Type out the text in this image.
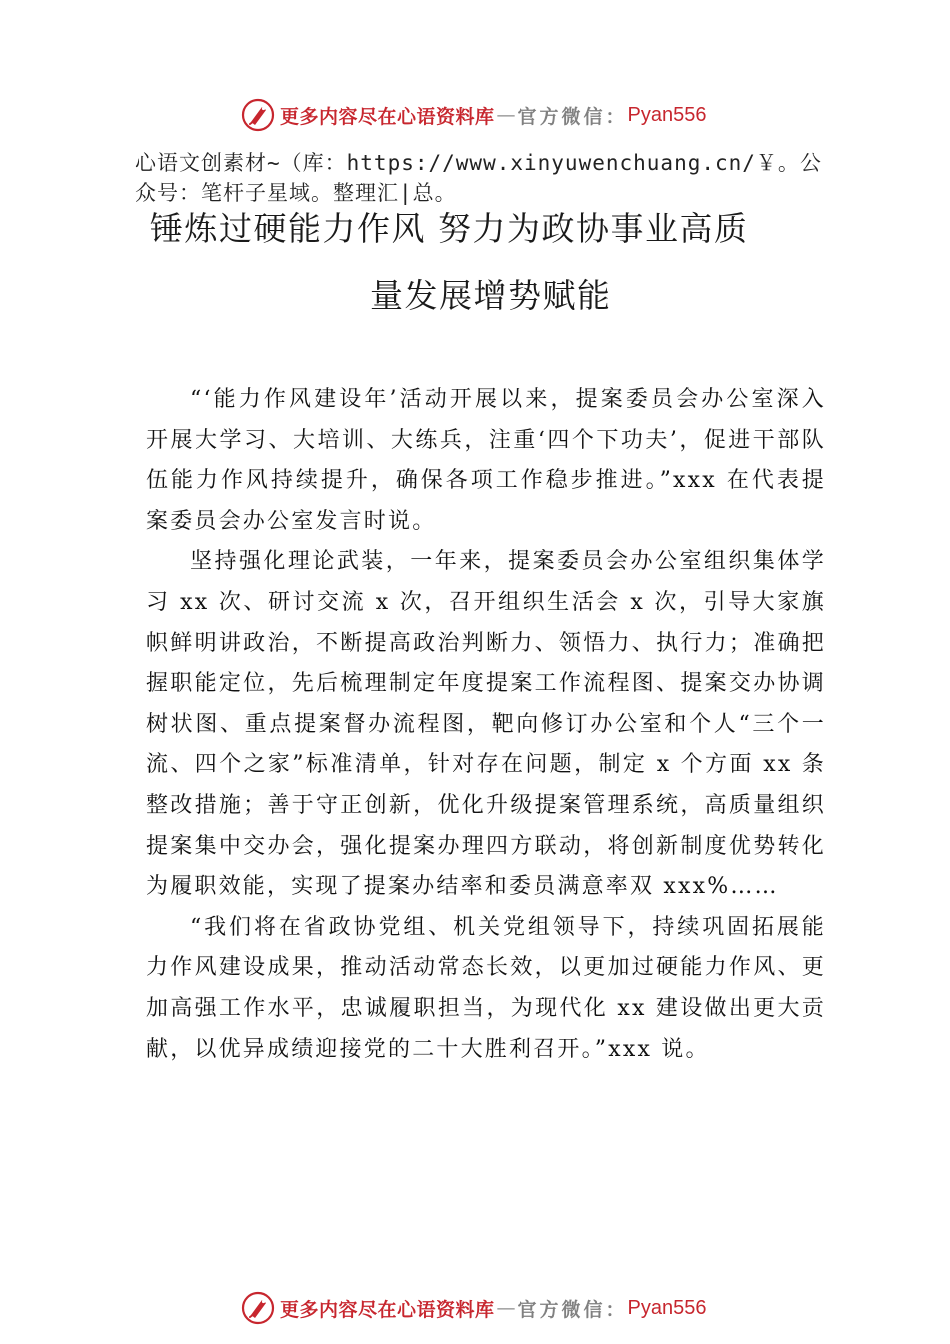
更多内容尽在心语资料库 — 官方微信： Pyan556
心语文创素材~（库：https://www.xinyuwenchuang.cn/￥。公众号：笔杆子星域。整理汇|总。
锤炼过硬能力作风 努力为政协事业高质
量发展增势赋能

“‘能力作风建设年’活动开展以来，提案委员会办公室深入开展大学习、大培训、大练兵，注重‘四个下功夫’，促进干部队伍能力作风持续提升，确保各项工作稳步推进。”xxx 在代表提案委员会办公室发言时说。

坚持强化理论武装，一年来，提案委员会办公室组织集体学习 xx 次、研讨交流 x 次，召开组织生活会 x 次，引导大家旗帜鲜明讲政治，不断提高政治判断力、领悟力、执行力；准确把握职能定位，先后梳理制定年度提案工作流程图、提案交办协调树状图、重点提案督办流程图，靶向修订办公室和个人“三个一流、四个之家”标准清单，针对存在问题，制定 x 个方面 xx 条整改措施；善于守正创新，优化升级提案管理系统，高质量组织提案集中交办会，强化提案办理四方联动，将创新制度优势转化为履职效能，实现了提案办结率和委员满意率双 xxx%……

“我们将在省政协党组、机关党组领导下，持续巩固拓展能力作风建设成果，推动活动常态长效，以更加过硬能力作风、更加高强工作水平，忠诚履职担当，为现代化 xx 建设做出更大贡献，以优异成绩迎接党的二十大胜利召开。”xxx 说。

更多内容尽在心语资料库 — 官方微信： Pyan556
